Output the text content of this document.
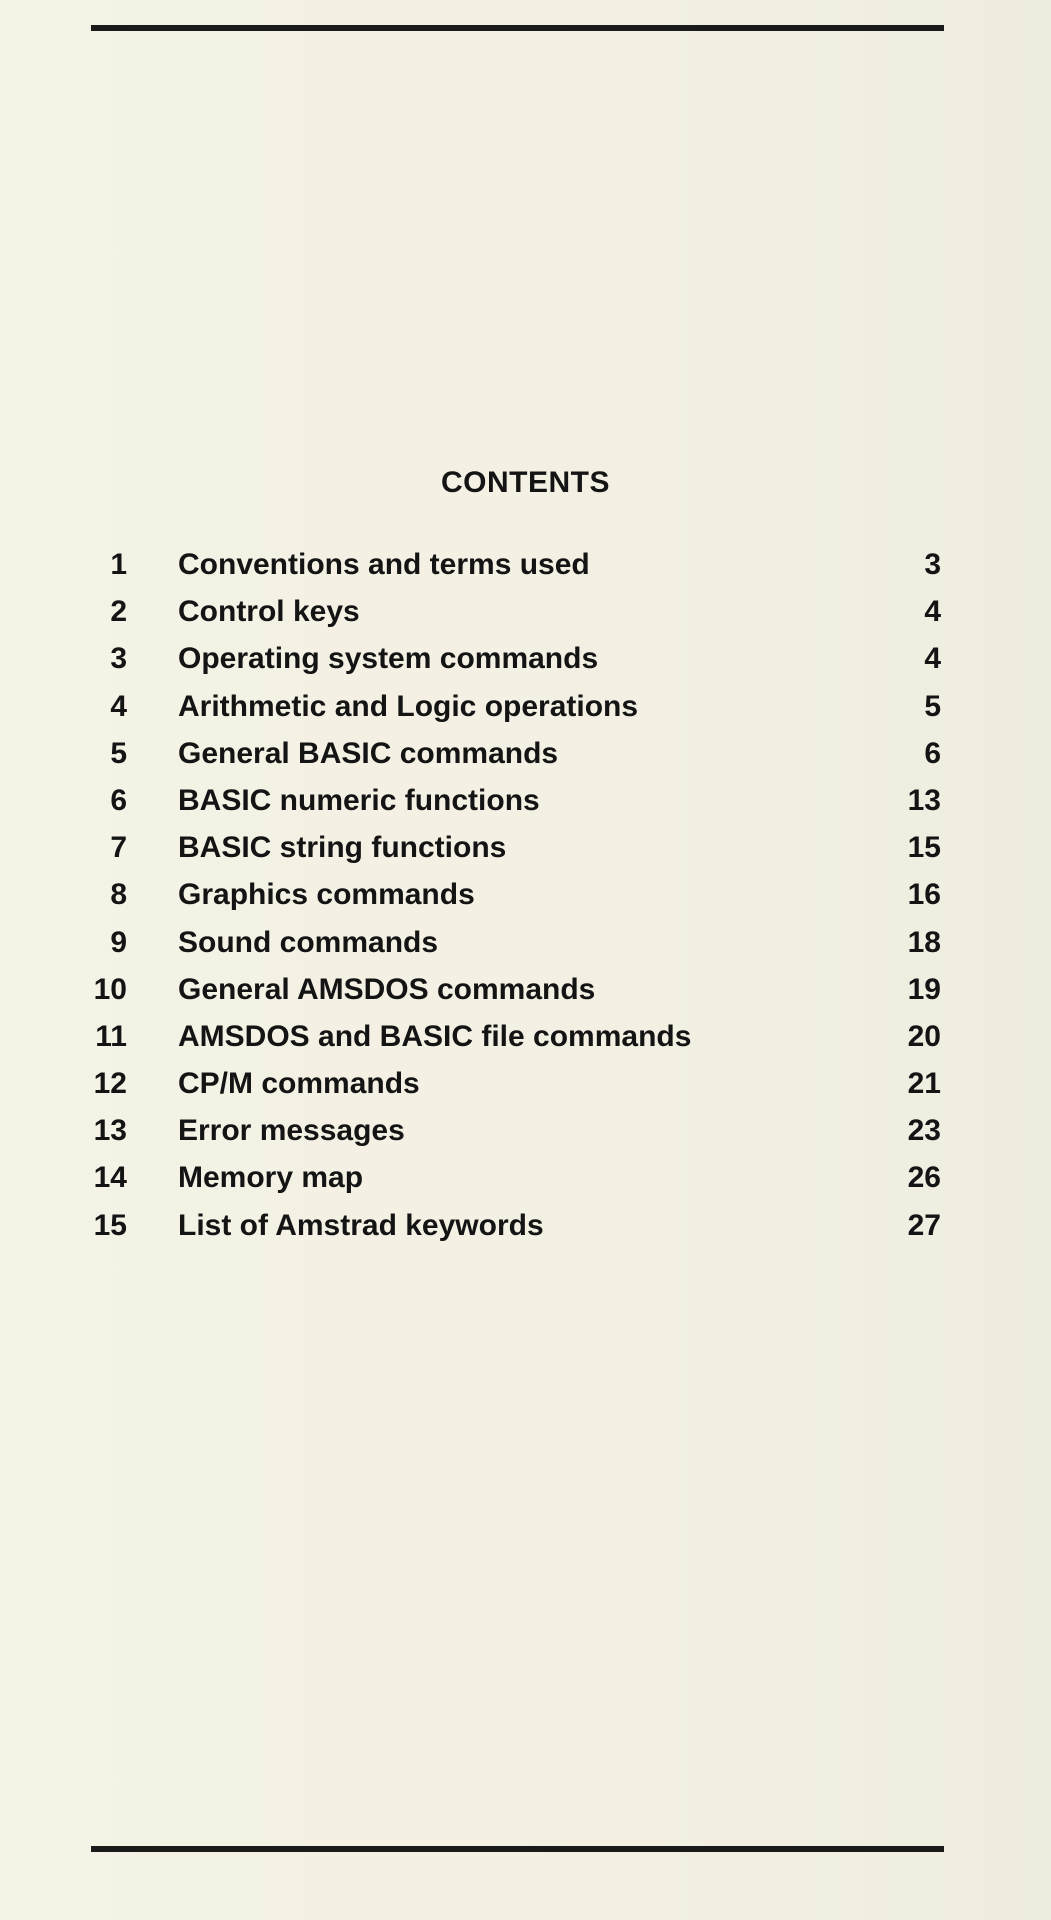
CONTENTS
1 Conventions and terms used	3
2 Control keys	4
3 Operating system commands	4
4 Arithmetic and Logic operations	5
5 General BASIC commands	6
6 BASIC numeric functions	13
7 BASIC string functions	15
8 Graphics commands	16
9 Sound commands	18
10 General AMSDOS commands	19
11 AMSDOS and BASIC file commands	20
12 CP/M commands	21
13 Error messages	23
14 Memory map	26
15 List of Amstrad keywords	27
